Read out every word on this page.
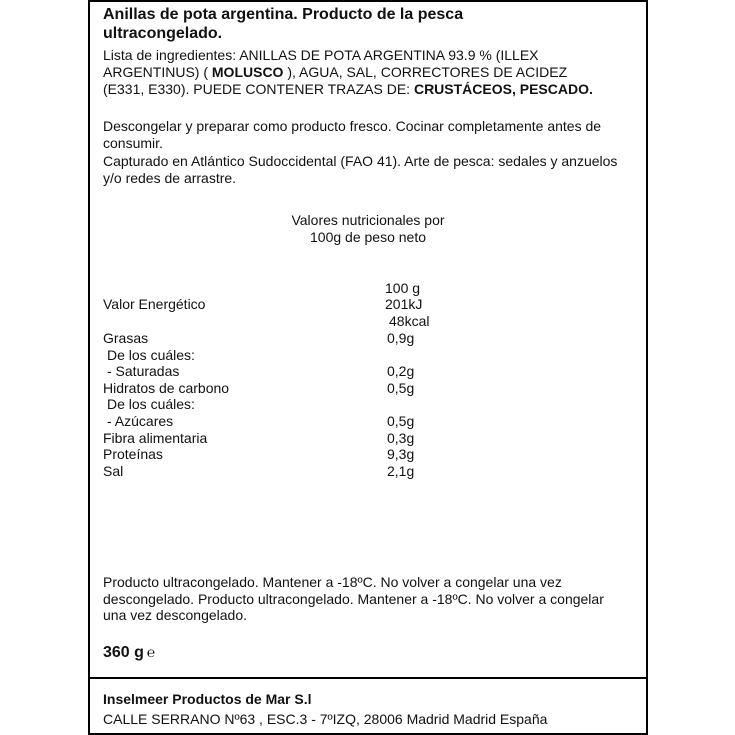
Anillas de pota argentina. Producto de la pesca
ultracongelado.
Lista de ingredientes: ANILLAS DE POTA ARGENTINA 93.9 % (ILLEX
ARGENTINUS) ( MOLUSCO ), AGUA, SAL, CORRECTORES DE ACIDEZ
(E331, E330). PUEDE CONTENER TRAZAS DE: CRUSTÁCEOS, PESCADO.
Descongelar y preparar como producto fresco. Cocinar completamente antes de
consumir.
Capturado en Atlántico Sudoccidental (FAO 41). Arte de pesca: sedales y anzuelos
y/o redes de arrastre.
Valores nutricionales por
100g de peso neto
100 g
Valor Energético	201kJ
48kcal
Grasas	0,9g
De los cuáles:
- Saturadas	0,2g
Hidratos de carbono	0,5g
De los cuáles:
- Azúcares	0,5g
Fibra alimentaria	0,3g
Proteínas	9,3g
Sal	2,1g
Producto ultracongelado. Mantener a -18ºC. No volver a congelar una vez
descongelado. Producto ultracongelado. Mantener a -18ºC. No volver a congelar
una vez descongelado.
360 g ℮
Inselmeer Productos de Mar S.l
CALLE SERRANO Nº63 , ESC.3 - 7ºIZQ, 28006 Madrid Madrid España
